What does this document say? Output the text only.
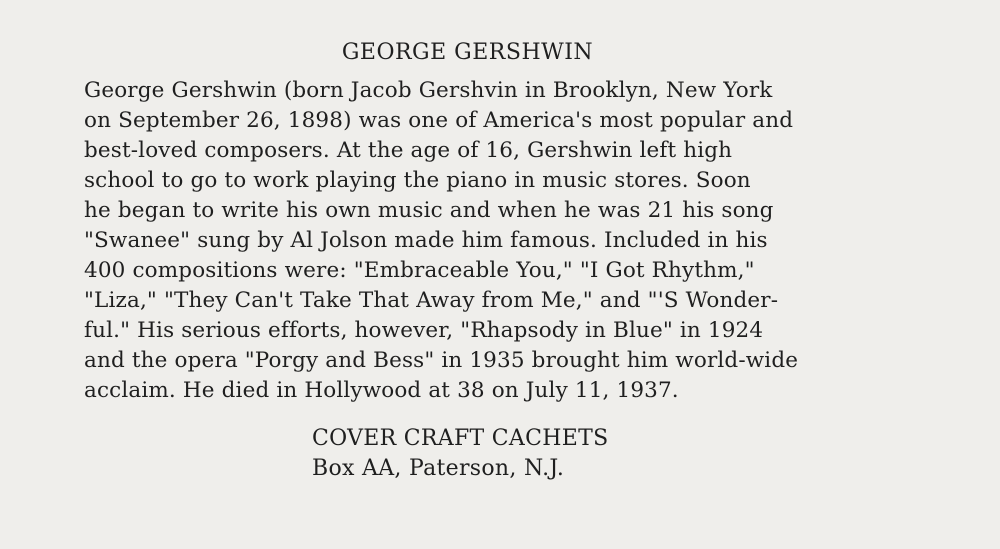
GEORGE GERSHWIN
George Gershwin (born Jacob Gershvin in Brooklyn, New York
on September 26, 1898) was one of America's most popular and
best-loved composers. At the age of 16, Gershwin left high
school to go to work playing the piano in music stores. Soon
he began to write his own music and when he was 21 his song
"Swanee" sung by Al Jolson made him famous. Included in his
400 compositions were: "Embraceable You," "I Got Rhythm,"
"Liza," "They Can't Take That Away from Me," and "'S Wonder-
ful." His serious efforts, however, "Rhapsody in Blue" in 1924
and the opera "Porgy and Bess" in 1935 brought him world-wide
acclaim. He died in Hollywood at 38 on July 11, 1937.
COVER CRAFT CACHETS
Box AA, Paterson, N.J.
